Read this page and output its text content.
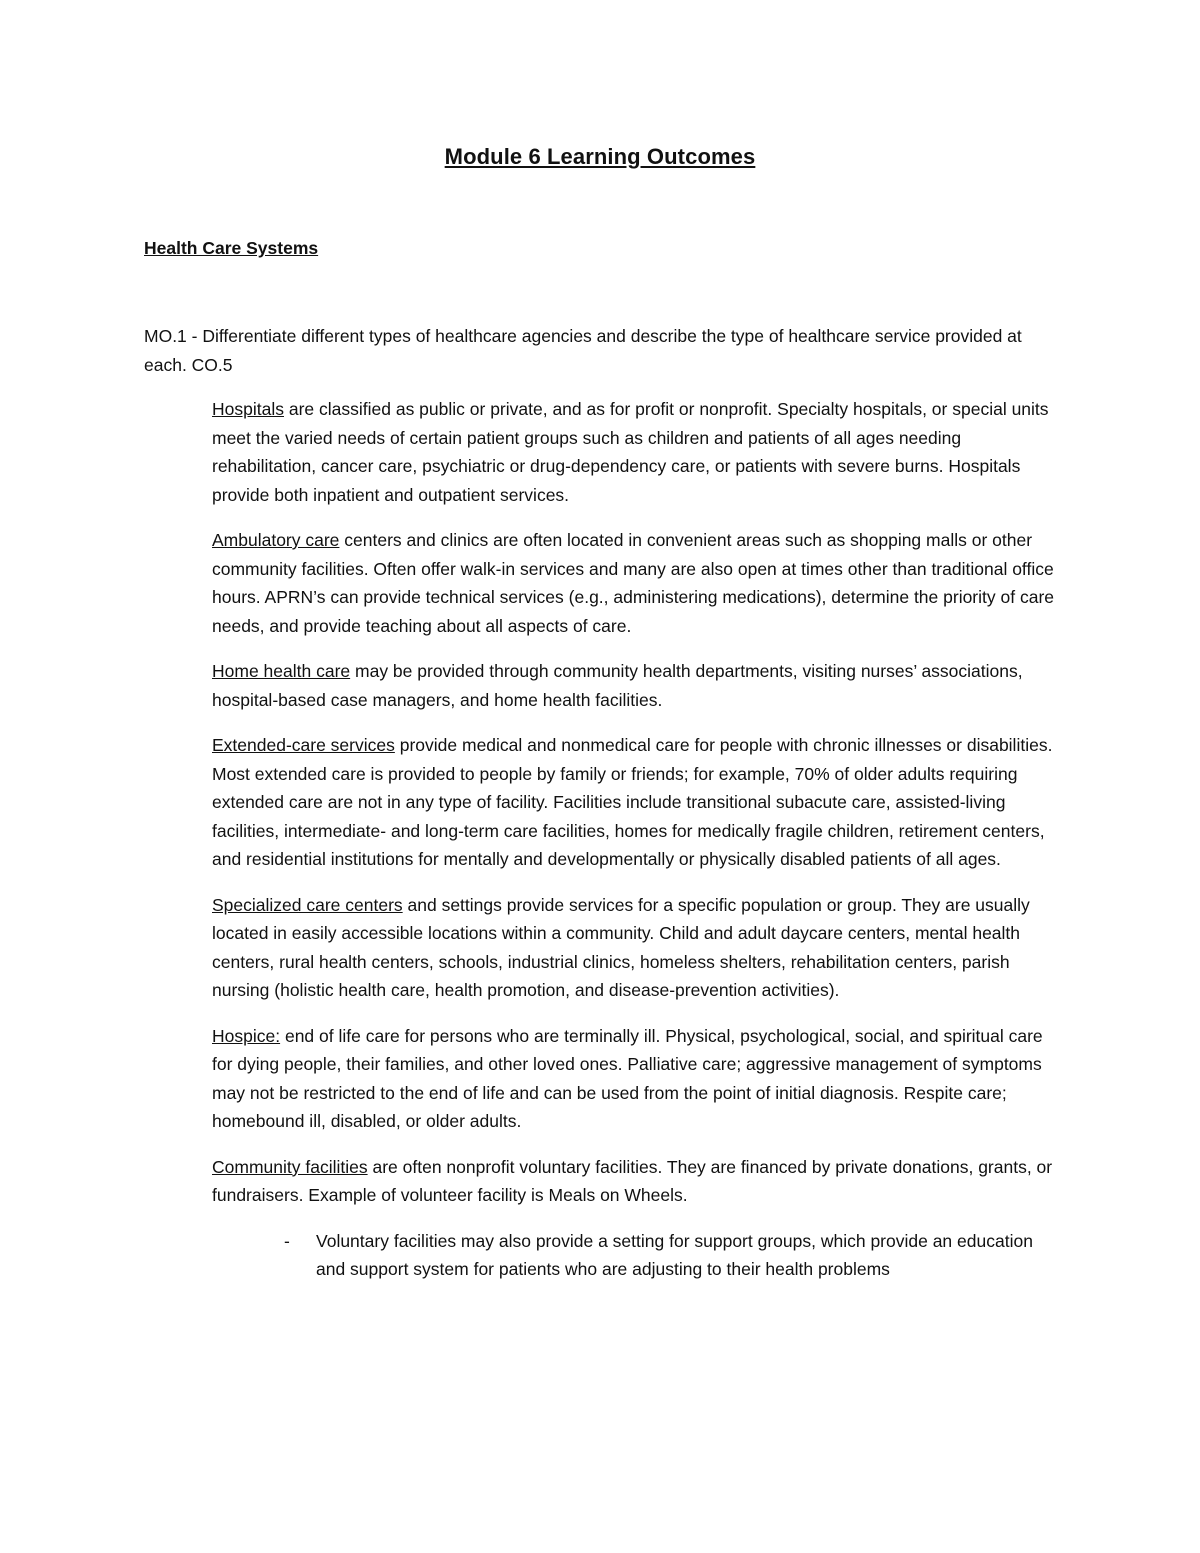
Module 6 Learning Outcomes
Health Care Systems

MO.1 - Differentiate different types of healthcare agencies and describe the type of healthcare service provided at each. CO.5

Hospitals are classified as public or private, and as for profit or nonprofit. Specialty hospitals, or special units meet the varied needs of certain patient groups such as children and patients of all ages needing rehabilitation, cancer care, psychiatric or drug-dependency care, or patients with severe burns. Hospitals provide both inpatient and outpatient services.

Ambulatory care centers and clinics are often located in convenient areas such as shopping malls or other community facilities. Often offer walk-in services and many are also open at times other than traditional office hours. APRN’s can provide technical services (e.g., administering medications), determine the priority of care needs, and provide teaching about all aspects of care.

Home health care may be provided through community health departments, visiting nurses’ associations, hospital-based case managers, and home health facilities.

Extended-care services provide medical and nonmedical care for people with chronic illnesses or disabilities. Most extended care is provided to people by family or friends; for example, 70% of older adults requiring extended care are not in any type of facility. Facilities include transitional subacute care, assisted-living facilities, intermediate- and long-term care facilities, homes for medically fragile children, retirement centers, and residential institutions for mentally and developmentally or physically disabled patients of all ages.

Specialized care centers and settings provide services for a specific population or group. They are usually located in easily accessible locations within a community. Child and adult daycare centers, mental health centers, rural health centers, schools, industrial clinics, homeless shelters, rehabilitation centers, parish nursing (holistic health care, health promotion, and disease-prevention activities).

Hospice: end of life care for persons who are terminally ill. Physical, psychological, social, and spiritual care for dying people, their families, and other loved ones. Palliative care; aggressive management of symptoms may not be restricted to the end of life and can be used from the point of initial diagnosis. Respite care; homebound ill, disabled, or older adults.

Community facilities are often nonprofit voluntary facilities. They are financed by private donations, grants, or fundraisers. Example of volunteer facility is Meals on Wheels.

- Voluntary facilities may also provide a setting for support groups, which provide an education and support system for patients who are adjusting to their health problems
